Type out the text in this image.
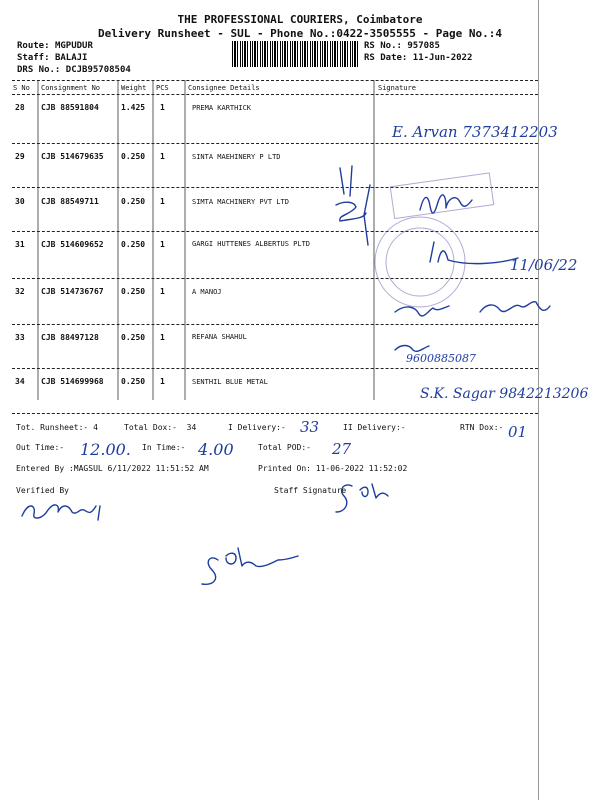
THE PROFESSIONAL COURIERS, Coimbatore
Delivery Runsheet - SUL - Phone No.:0422-3505555 - Page No.:4
Route: MGPUDUR
Staff: BALAJI
DRS No.: DCJB95708504
RS No.: 957085
RS Date: 11-Jun-2022
S No Consignment No	Weight PCS	Consignee Details	Signature
28 CJB 88591804	1.425 1	PREMA KARTHICK
29 CJB 514679635 0.250 1	SINTA MAEHINERY P LTD
30 CJB 88549711	0.250 1	SIMTA MACHINERY PVT LTD
31 CJB 514609652 0.250 1	GARGI HUTTENES ALBERTUS PLTD
32 CJB 514736767 0.250 1	A MANOJ
33 CJB 88497128	0.250 1	REFANA SHAHUL
34 CJB 514699968 0.250 1	SENTHIL BLUE METAL
E. Arvan 7373412203
11/06/22
9600885087
S.K. Sagar 9842213206
Tot. Runsheet:- 4	Total Dox:- 34	I Delivery:- 33	II Delivery:-	RTN Dox:- 01
Out Time:- 12.00. In Time:- 4.00	Total POD:- 27
Entered By :MAGSUL 6/11/2022 11:51:52 AM	Printed On: 11-06-2022 11:52:02
Verified By	Staff Signature
